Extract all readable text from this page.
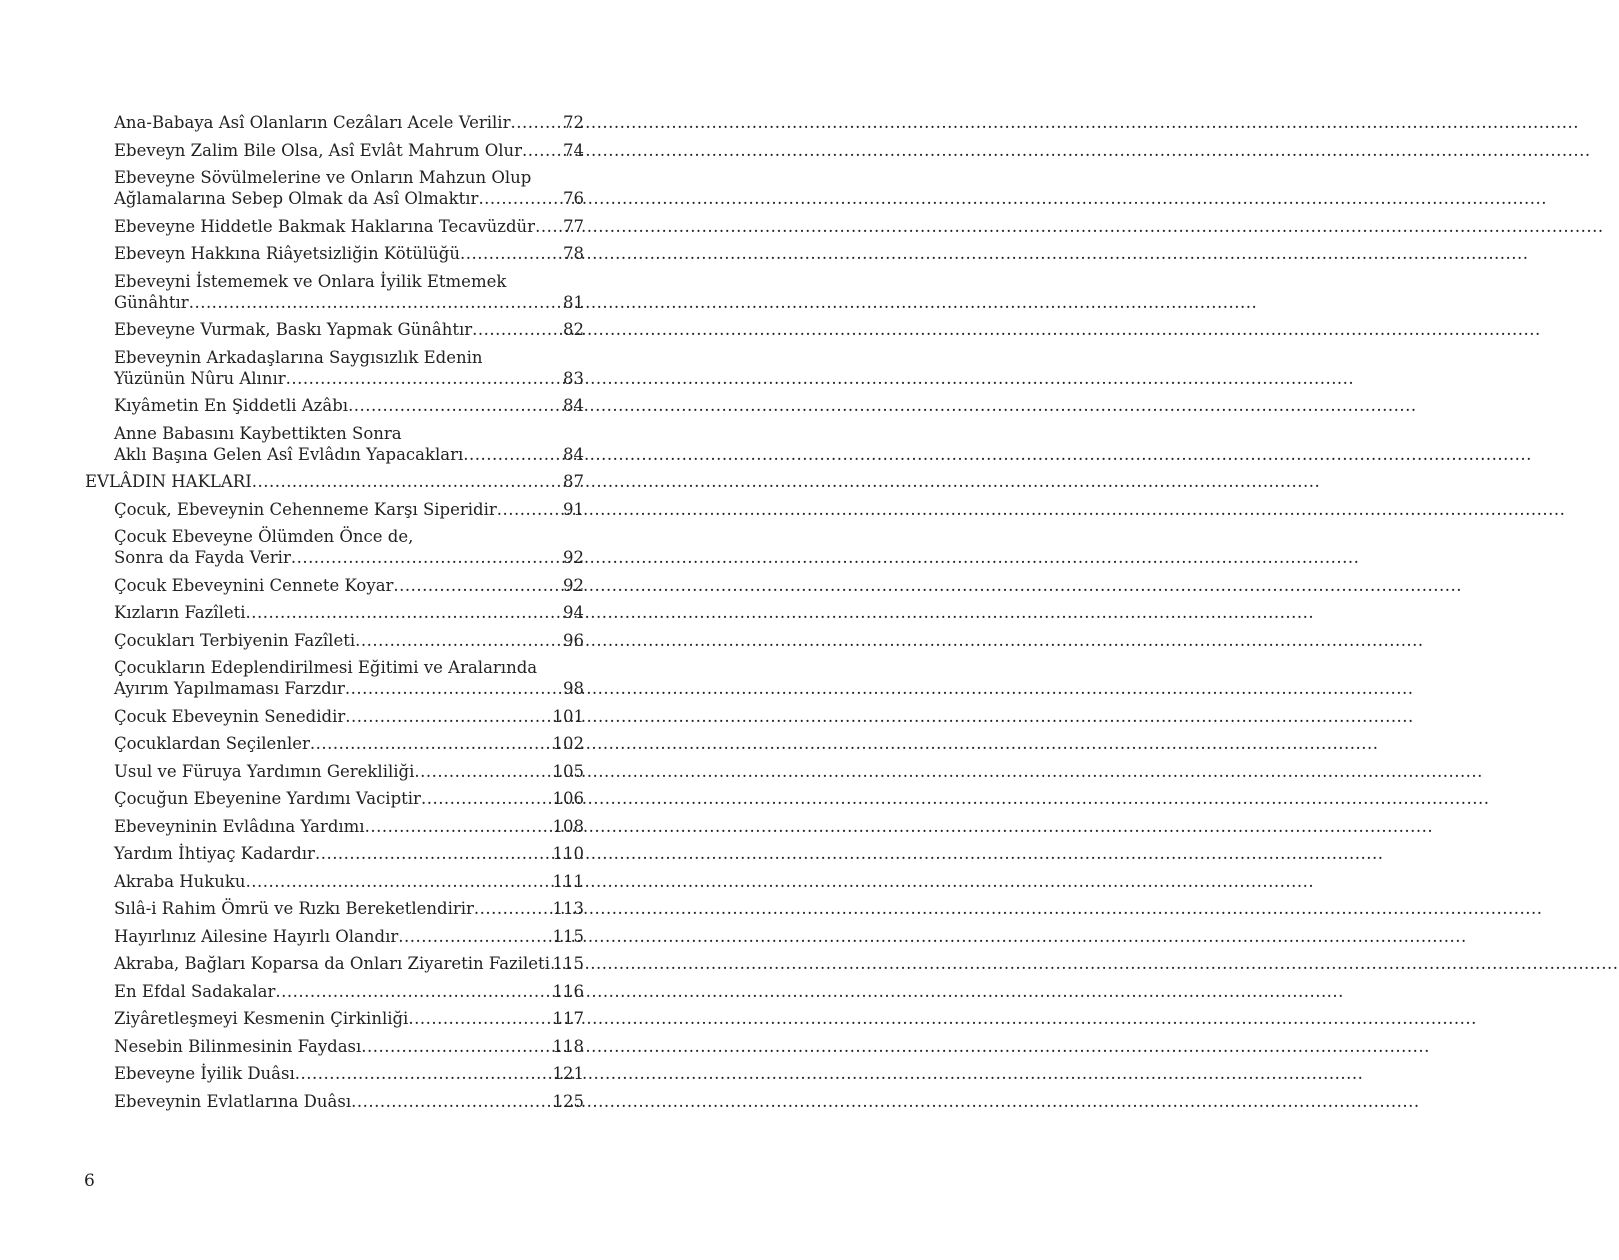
Ana-Babaya Asî Olanların Cezâları Acele Verilir .....	72
Ebeveyn Zalim Bile Olsa, Asî Evlât Mahrum Olur ..... 74
Ebeveyne Sövülmelerine ve Onların Mahzun Olup
Ağlamalarına Sebep Olmak da Asî Olmaktır .....	76
Ebeveyne Hiddetle Bakmak Haklarına Tecavüzdür ..... 77
Ebeveyn Hakkına Riâyetsizliğin Kötülüğü .....	78
Ebeveyni İstememek ve Onlara İyilik Etmemek
Günâhtır .....	81
Ebeveyne Vurmak, Baskı Yapmak Günâhtır .....	82
Ebeveynin Arkadaşlarına Saygısızlık Edenin
Yüzünün Nûru Alınır .....	83
Kıyâmetin En Şiddetli Azâbı .....	84
Anne Babasını Kaybettikten Sonra
Aklı Başına Gelen Asî Evlâdın Yapacakları .....	84
EVLÂDIN HAKLARI .....	87
Çocuk, Ebeveynin Cehenneme Karşı Siperidir .....	91
Çocuk Ebeveyne Ölümden Önce de,
Sonra da Fayda Verir .....	92
Çocuk Ebeveynini Cennete Koyar .....	92
Kızların Fazîleti .....	94
Çocukları Terbiyenin Fazîleti .....	96
Çocukların Edeplendirilmesi Eğitimi ve Aralarında
Ayırım Yapılmaması Farzdır .....	98
Çocuk Ebeveynin Senedidir .....	101
Çocuklardan Seçilenler .....	102
Usul ve Füruya Yardımın Gerekliliği .....	105
Çocuğun Ebeyenine Yardımı Vaciptir .....	106
Ebeveyninin Evlâdına Yardımı .....	108
Yardım İhtiyaç Kadardır .....	110
Akraba Hukuku .....	111
Sılâ-i Rahim Ömrü ve Rızkı Bereketlendirir .....	113
Hayırlınız Ailesine Hayırlı Olandır .....	115
Akraba, Bağları Koparsa da Onları Ziyaretin Fazileti ..... 115
En Efdal Sadakalar .....	116
Ziyâretleşmeyi Kesmenin Çirkinliği .....	117
Nesebin Bilinmesinin Faydası .....	118
Ebeveyne İyilik Duâsı .....	121
Ebeveynin Evlatlarına Duâsı .....	125
6
